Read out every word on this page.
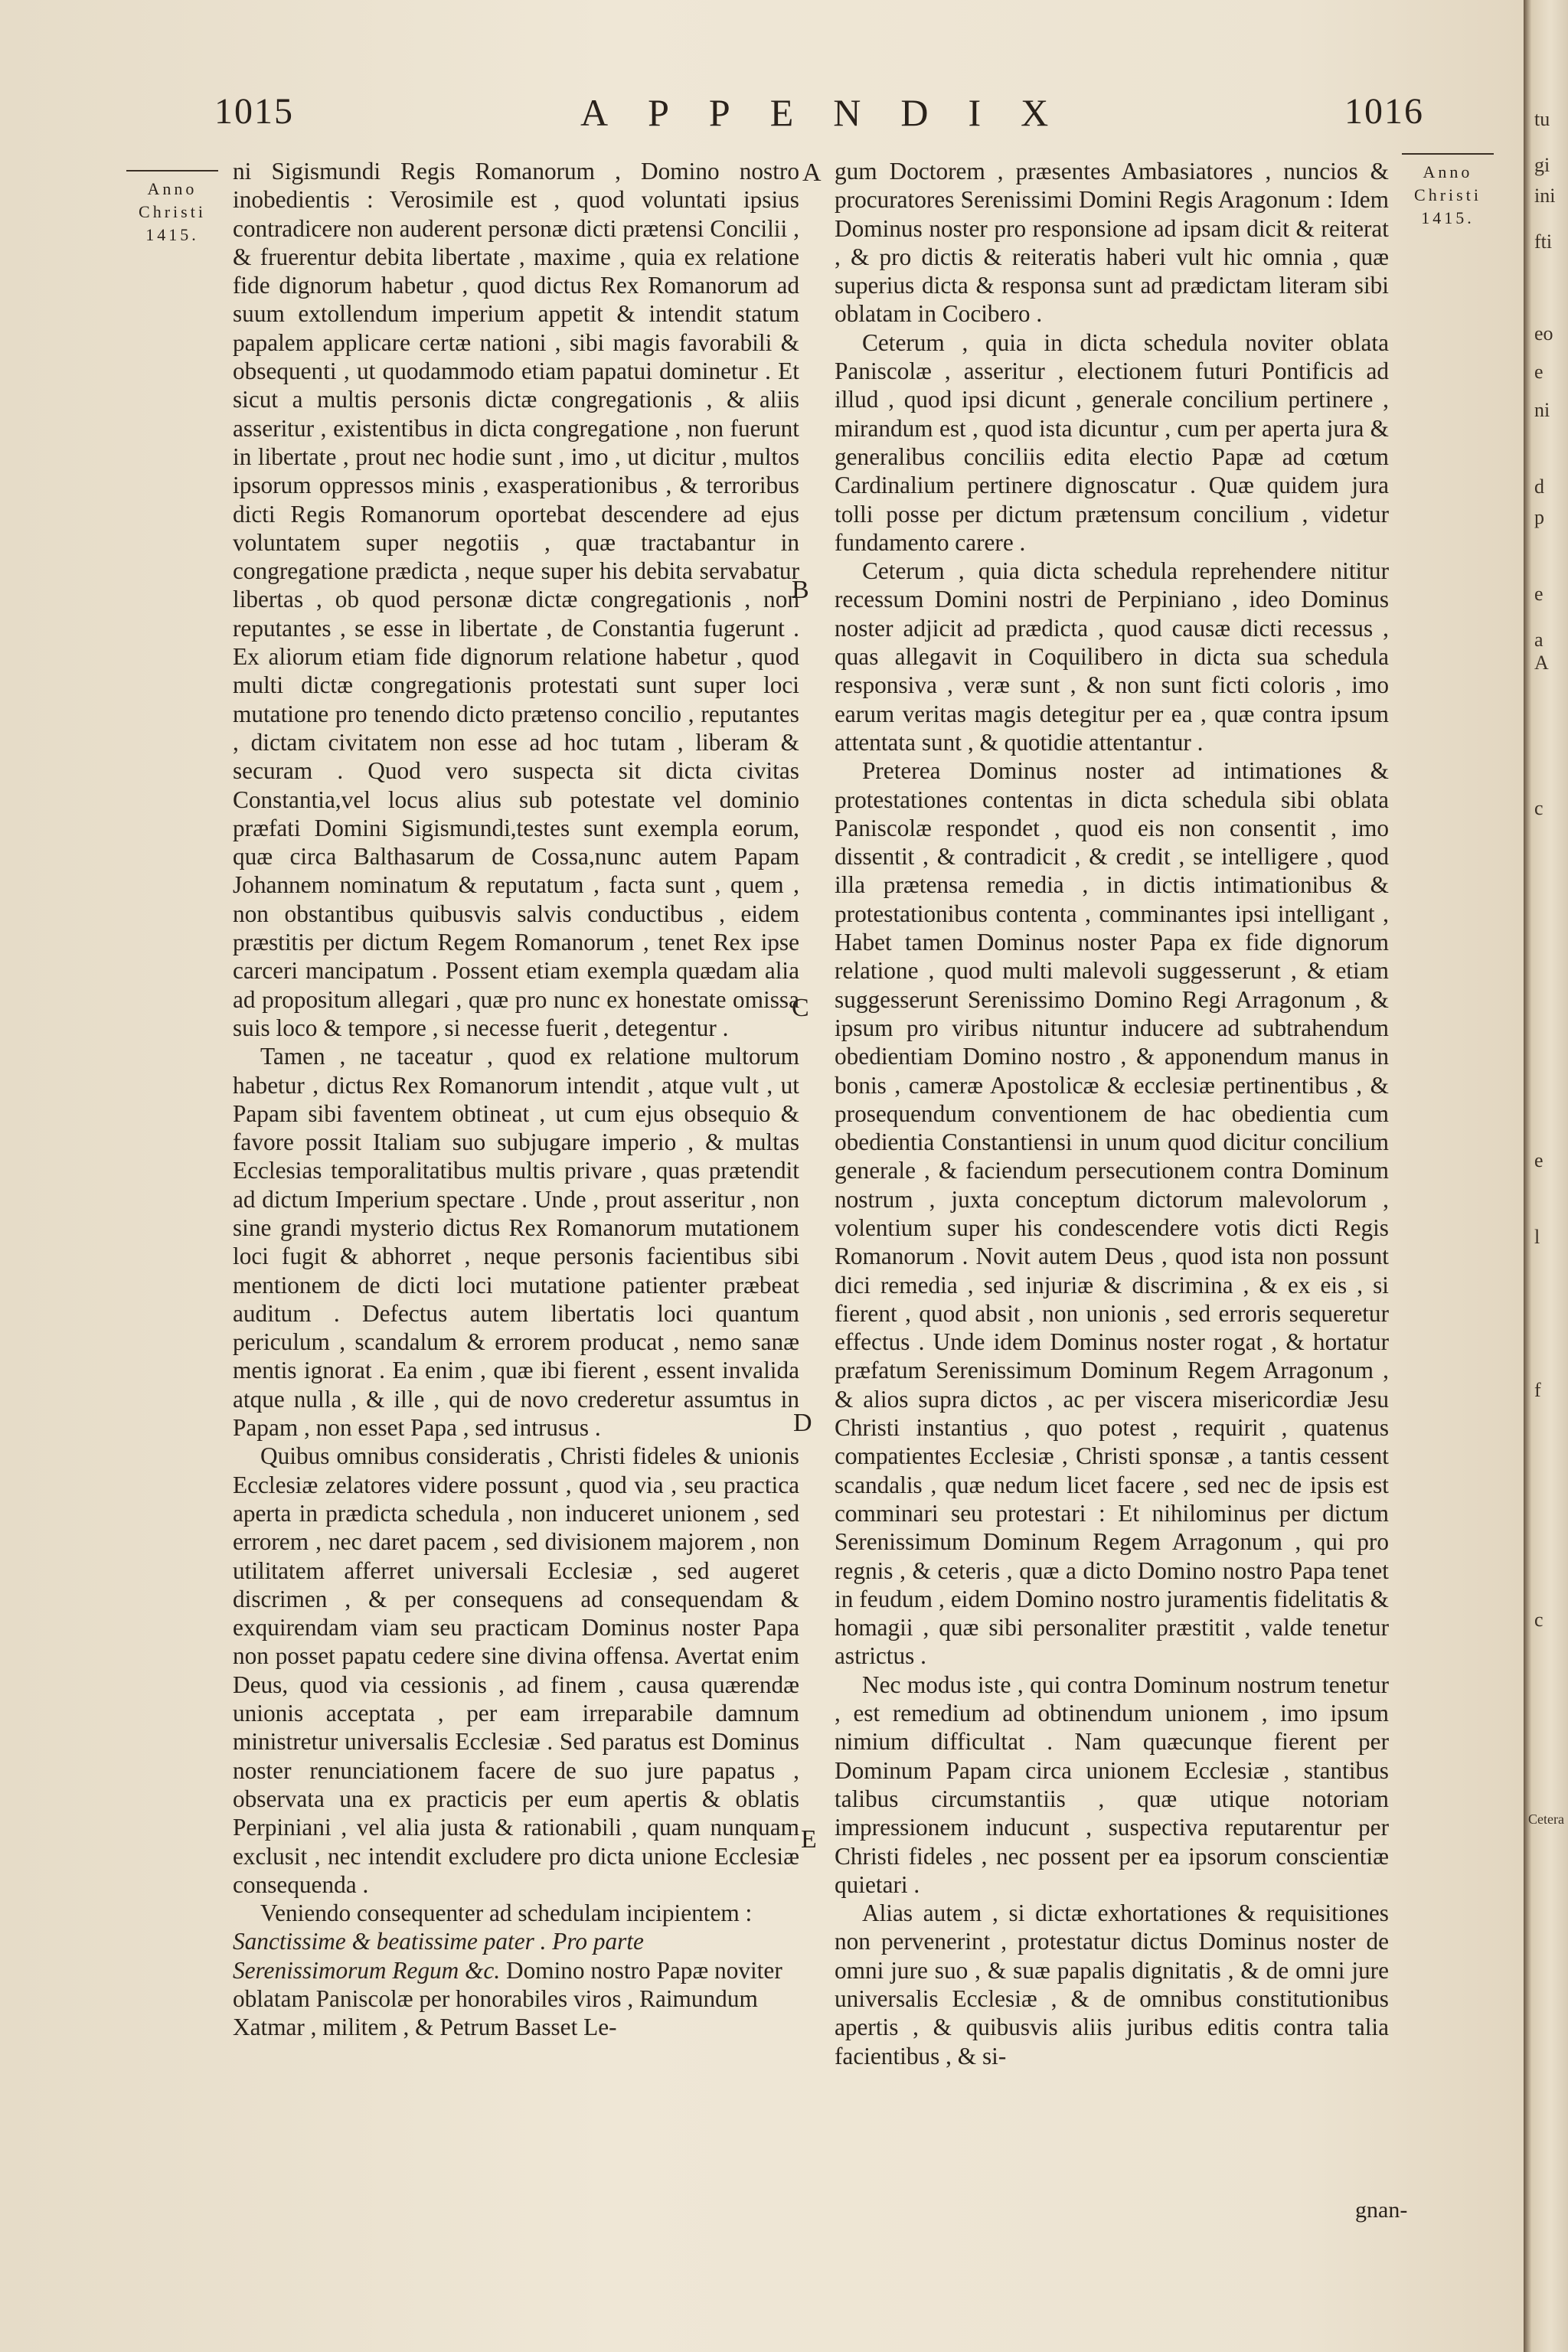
1015	APPENDIX	1016
Anno
Christi
1415.
Anno
Christi
1415.

ni Sigismundi Regis Romanorum , Domino nostro inobedientis : Verosimile est , quod voluntati ipsius contradicere non auderent personæ dicti prætensi Concilii , & fruerentur debita libertate , maxime , quia ex relatione fide dignorum habetur , quod dictus Rex Romanorum ad suum extollendum imperium appetit & intendit statum papalem applicare certæ nationi , sibi magis favorabili & obsequenti , ut quodammodo etiam papatui dominetur . Et sicut a multis personis dictæ congregationis , & aliis asseritur , existentibus in dicta congregatione , non fuerunt in libertate , prout nec hodie sunt , imo , ut dicitur , multos ipsorum oppressos minis , exasperationibus , & terroribus dicti Regis Romanorum oportebat descendere ad ejus voluntatem super negotiis , quæ tractabantur in congregatione prædicta , neque super his debita servabatur libertas , ob quod personæ dictæ congregationis , non reputantes , se esse in libertate , de Constantia fugerunt . Ex aliorum etiam fide dignorum relatione habetur , quod multi dictæ congregationis protestati sunt super loci mutatione pro tenendo dicto prætenso concilio , reputantes , dictam civitatem non esse ad hoc tutam , liberam & securam . Quod vero suspecta sit dicta civitas Constantia,vel locus alius sub potestate vel dominio præfati Domini Sigismundi,testes sunt exempla eorum, quæ circa Balthasarum de Cossa,nunc autem Papam Johannem nominatum & reputatum , facta sunt , quem , non obstantibus quibusvis salvis conductibus , eidem præstitis per dictum Regem Romanorum , tenet Rex ipse carceri mancipatum . Possent etiam exempla quædam alia ad propositum allegari , quæ pro nunc ex honestate omissa suis loco & tempore , si necesse fuerit , detegentur .

Tamen , ne taceatur , quod ex relatione multorum habetur , dictus Rex Romanorum intendit , atque vult , ut Papam sibi faventem obtineat , ut cum ejus obsequio & favore possit Italiam suo subjugare imperio , & multas Ecclesias temporalitatibus multis privare , quas prætendit ad dictum Imperium spectare . Unde , prout asseritur , non sine grandi mysterio dictus Rex Romanorum mutationem loci fugit & abhorret , neque personis facientibus sibi mentionem de dicti loci mutatione patienter præbeat auditum . Defectus autem libertatis loci quantum periculum , scandalum & errorem producat , nemo sanæ mentis ignorat . Ea enim , quæ ibi fierent , essent invalida atque nulla , & ille , qui de novo crederetur assumtus in Papam , non esset Papa , sed intrusus .

Quibus omnibus consideratis , Christi fideles & unionis Ecclesiæ zelatores videre possunt , quod via , seu practica aperta in prædicta schedula , non induceret unionem , sed errorem , nec daret pacem , sed divisionem majorem , non utilitatem afferret universali Ecclesiæ , sed augeret discrimen , & per consequens ad consequendam & exquirendam viam seu practicam Dominus noster Papa non posset papatu cedere sine divina offensa. Avertat enim Deus, quod via cessionis , ad finem , causa quærendæ unionis acceptata , per eam irreparabile damnum ministretur universalis Ecclesiæ . Sed paratus est Dominus noster renunciationem facere de suo jure papatus , observata una ex practicis per eum apertis & oblatis Perpiniani , vel alia justa & rationabili , quam nunquam exclusit , nec intendit excludere pro dicta unione Ecclesiæ consequenda .

Veniendo consequenter ad schedulam incipientem : Sanctissime & beatissime pater . Pro parte Serenissimorum Regum &c. Domino nostro Papæ noviter oblatam Paniscolæ per honorabiles viros , Raimundum Xatmar , militem , & Petrum Basset Le-

gum Doctorem , præsentes Ambasiatores , nuncios & procuratores Serenissimi Domini Regis Aragonum : Idem Dominus noster pro responsione ad ipsam dicit & reiterat , & pro dictis & reiteratis haberi vult hic omnia , quæ superius dicta & responsa sunt ad prædictam literam sibi oblatam in Cocibero .

Ceterum , quia in dicta schedula noviter oblata Paniscolæ , asseritur , electionem futuri Pontificis ad illud , quod ipsi dicunt , generale concilium pertinere , mirandum est , quod ista dicuntur , cum per aperta jura & generalibus conciliis edita electio Papæ ad cœtum Cardinalium pertinere dignoscatur . Quæ quidem jura tolli posse per dictum prætensum concilium , videtur fundamento carere .

Ceterum , quia dicta schedula reprehendere nititur recessum Domini nostri de Perpiniano , ideo Dominus noster adjicit ad prædicta , quod causæ dicti recessus , quas allegavit in Coquilibero in dicta sua schedula responsiva , veræ sunt , & non sunt ficti coloris , imo earum veritas magis detegitur per ea , quæ contra ipsum attentata sunt , & quotidie attentantur .

Preterea Dominus noster ad intimationes & protestationes contentas in dicta schedula sibi oblata Paniscolæ respondet , quod eis non consentit , imo dissentit , & contradicit , & credit , se intelligere , quod illa prætensa remedia , in dictis intimationibus & protestationibus contenta , comminantes ipsi intelligant , Habet tamen Dominus noster Papa ex fide dignorum relatione , quod multi malevoli suggesserunt , & etiam suggesserunt Serenissimo Domino Regi Arragonum , & ipsum pro viribus nituntur inducere ad subtrahendum obedientiam Domino nostro , & apponendum manus in bonis , cameræ Apostolicæ & ecclesiæ pertinentibus , & prosequendum conventionem de hac obedientia cum obedientia Constantiensi in unum quod dicitur concilium generale , & faciendum persecutionem contra Dominum nostrum , juxta conceptum dictorum malevolorum , volentium super his condescendere votis dicti Regis Romanorum . Novit autem Deus , quod ista non possunt dici remedia , sed injuriæ & discrimina , & ex eis , si fierent , quod absit , non unionis , sed erroris sequeretur effectus . Unde idem Dominus noster rogat , & hortatur præfatum Serenissimum Dominum Regem Arragonum , & alios supra dictos , ac per viscera misericordiæ Jesu Christi instantius , quo potest , requirit , quatenus compatientes Ecclesiæ , Christi sponsæ , a tantis cessent scandalis , quæ nedum licet facere , sed nec de ipsis est comminari seu protestari : Et nihilominus per dictum Serenissimum Dominum Regem Arragonum , qui pro regnis , & ceteris , quæ a dicto Domino nostro Papa tenet in feudum , eidem Domino nostro juramentis fidelitatis & homagii , quæ sibi personaliter præstitit , valde tenetur astrictus .

Nec modus iste , qui contra Dominum nostrum tenetur , est remedium ad obtinendum unionem , imo ipsum nimium difficultat . Nam quæcunque fierent per Dominum Papam circa unionem Ecclesiæ , stantibus talibus circumstantiis , quæ utique notoriam impressionem inducunt , suspectiva reputarentur per Christi fideles , nec possent per ea ipsorum conscientiæ quietari .

Alias autem , si dictæ exhortationes & requisitiones non pervenerint , protestatur dictus Dominus noster de omni jure suo , & suæ papalis dignitatis , & de omni jure universalis Ecclesiæ , & de omnibus constitutionibus apertis , & quibusvis aliis juribus editis contra talia facientibus , & si-

A
B
C
D
E
gnan-
tu
gi
ini
fti
eo
e
ni
d
p
e
a
A
c
e
l
f
c
Cetera
